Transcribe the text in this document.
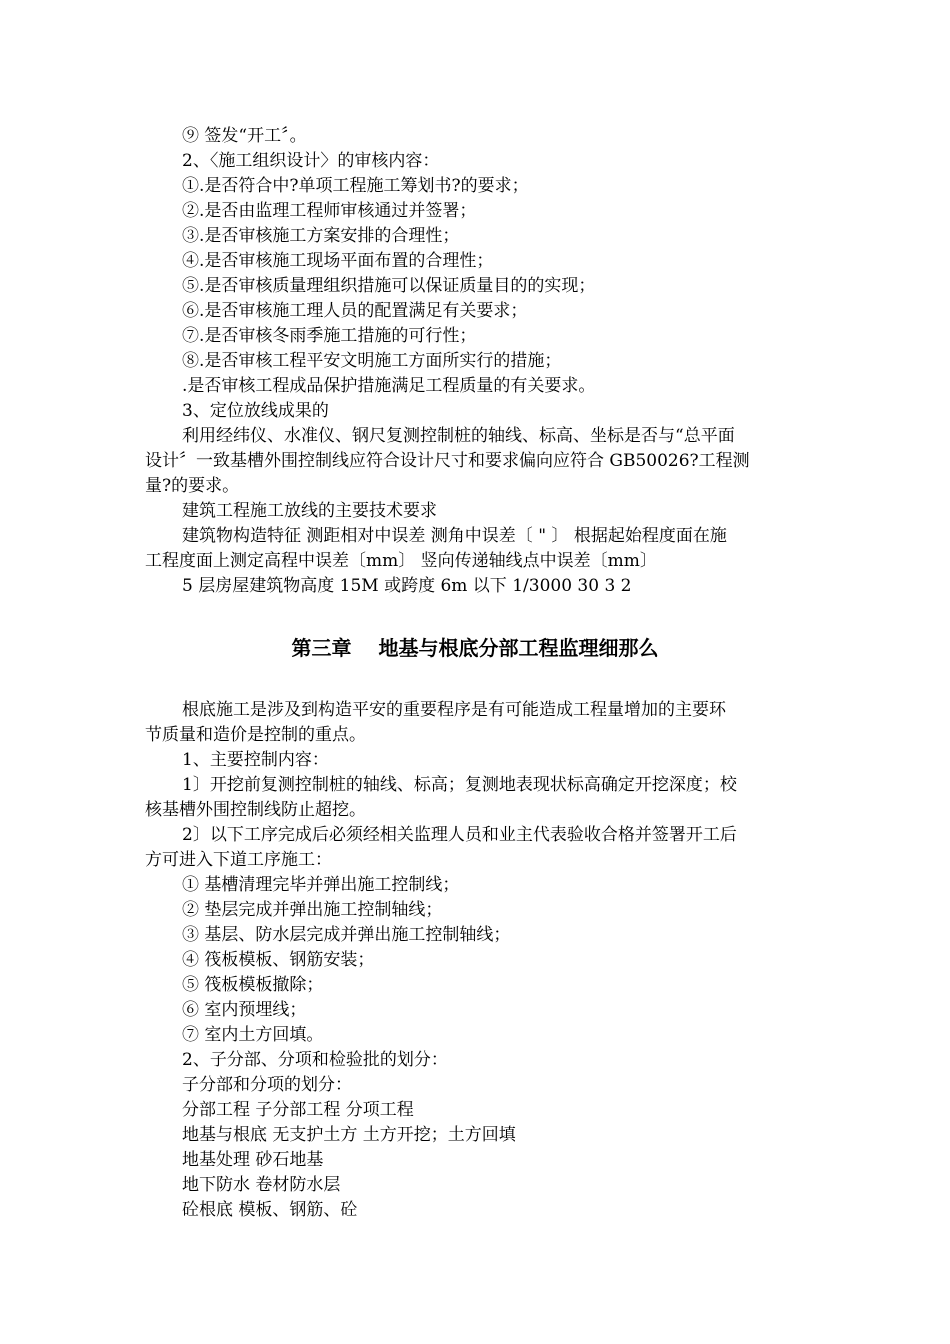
⑨ 签发“开工〞。

2、〈施工组织设计〉的审核内容：

①.是否符合中?单项工程施工筹划书?的要求；

②.是否由监理工程师审核通过并签署；

③.是否审核施工方案安排的合理性；

④.是否审核施工现场平面布置的合理性；

⑤.是否审核质量理组织措施可以保证质量目的的实现；

⑥.是否审核施工理人员的配置满足有关要求；

⑦.是否审核冬雨季施工措施的可行性；

⑧.是否审核工程平安文明施工方面所实行的措施；

.是否审核工程成品保护措施满足工程质量的有关要求。

3、定位放线成果的

利用经纬仪、水准仪、钢尺复测控制桩的轴线、标高、坐标是否与“总平面

设计〞一致基槽外围控制线应符合设计尺寸和要求偏向应符合 GB50026?工程测

量?的要求。

建筑工程施工放线的主要技术要求

建筑物构造特征 测距相对中误差 测角中误差〔 " 〕 根据起始程度面在施

工程度面上测定高程中误差〔mm〕 竖向传递轴线点中误差〔mm〕

5 层房屋建筑物高度 15M 或跨度 6m 以下 1/3000 30 3 2

第三章　 地基与根底分部工程监理细那么

根底施工是涉及到构造平安的重要程序是有可能造成工程量增加的主要环

节质量和造价是控制的重点。

1、主要控制内容：

1〕开挖前复测控制桩的轴线、标高；复测地表现状标高确定开挖深度；校

核基槽外围控制线防止超挖。

2〕以下工序完成后必须经相关监理人员和业主代表验收合格并签署开工后

方可进入下道工序施工：

① 基槽清理完毕并弹出施工控制线；

② 垫层完成并弹出施工控制轴线；

③ 基层、防水层完成并弹出施工控制轴线；

④ 筏板模板、钢筋安装；

⑤ 筏板模板撤除；

⑥ 室内预埋线；

⑦ 室内土方回填。

2、子分部、分项和检验批的划分：

子分部和分项的划分：

分部工程 子分部工程 分项工程

地基与根底 无支护土方 土方开挖；土方回填

地基处理 砂石地基

地下防水 卷材防水层

砼根底 模板、钢筋、砼
